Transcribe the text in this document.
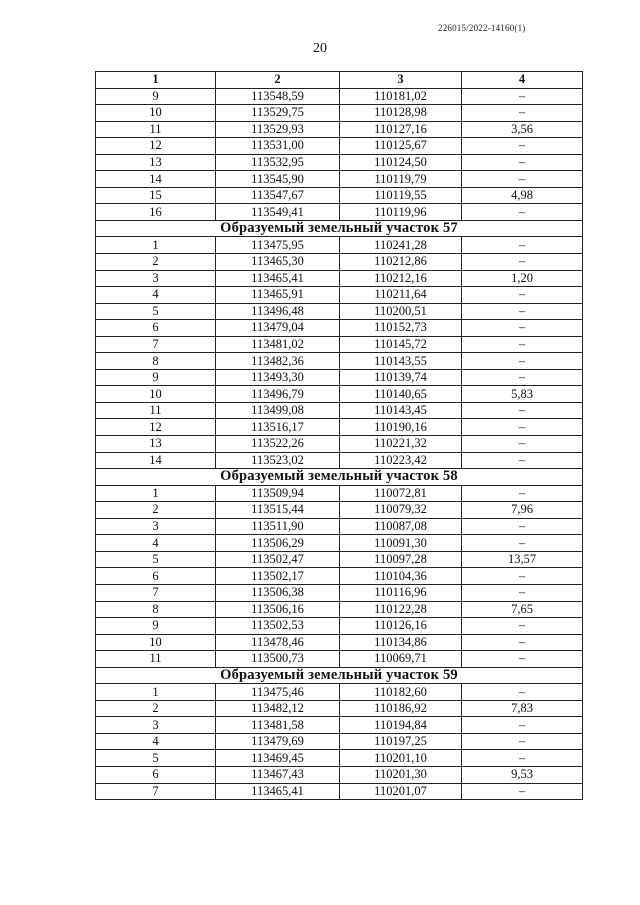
226015/2022-14160(1)
20
1	2	3	4
9	113548,59	110181,02	–
10	113529,75	110128,98	–
11	113529,93	110127,16	3,56
12	113531,00	110125,67	–
13	113532,95	110124,50	–
14	113545,90	110119,79	–
15	113547,67	110119,55	4,98
16	113549,41	110119,96	–
Образуемый земельный участок 57			
1	113475,95	110241,28	–
2	113465,30	110212,86	–
3	113465,41	110212,16	1,20
4	113465,91	110211,64	–
5	113496,48	110200,51	–
6	113479,04	110152,73	–
7	113481,02	110145,72	–
8	113482,36	110143,55	–
9	113493,30	110139,74	–
10	113496,79	110140,65	5,83
11	113499,08	110143,45	–
12	113516,17	110190,16	–
13	113522,26	110221,32	–
14	113523,02	110223,42	–
Образуемый земельный участок 58			
1	113509,94	110072,81	–
2	113515,44	110079,32	7,96
3	113511,90	110087,08	–
4	113506,29	110091,30	–
5	113502,47	110097,28	13,57
6	113502,17	110104,36	–
7	113506,38	110116,96	–
8	113506,16	110122,28	7,65
9	113502,53	110126,16	–
10	113478,46	110134,86	–
11	113500,73	110069,71	–
Образуемый земельный участок 59			
1	113475,46	110182,60	–
2	113482,12	110186,92	7,83
3	113481,58	110194,84	–
4	113479,69	110197,25	–
5	113469,45	110201,10	–
6	113467,43	110201,30	9,53
7	113465,41	110201,07	–
